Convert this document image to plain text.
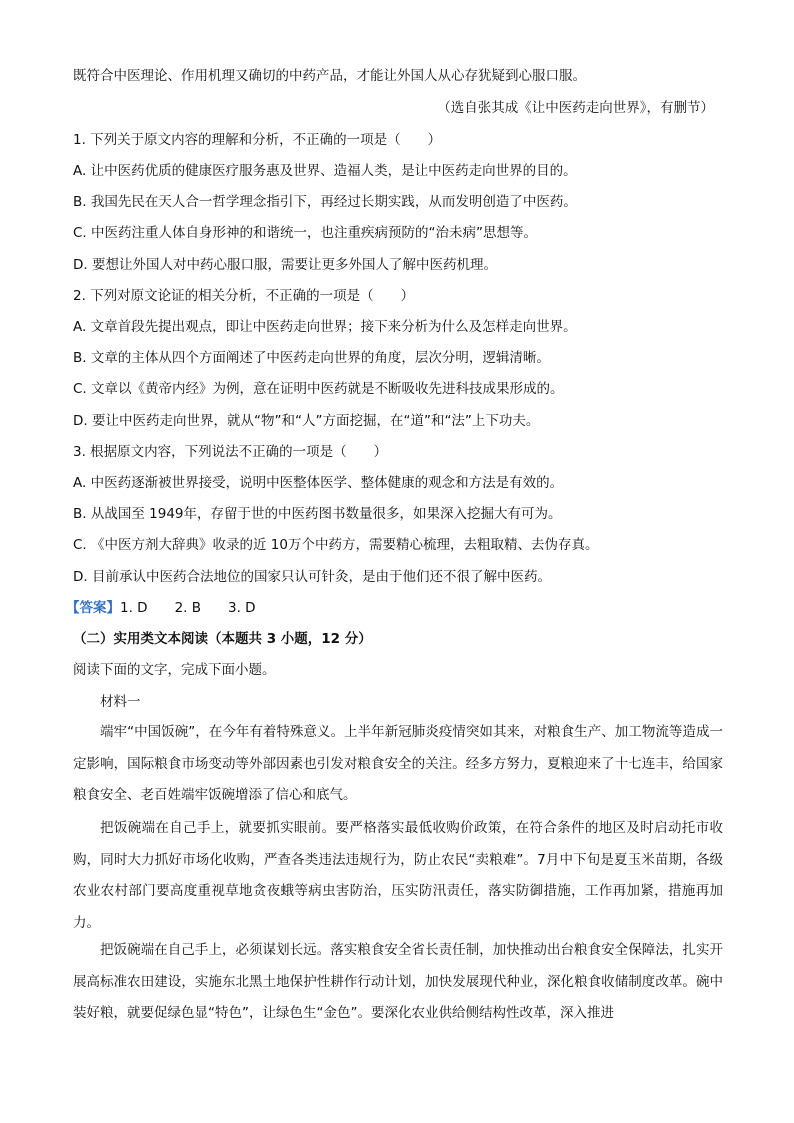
既符合中医理论、作用机理又确切的中药产品，才能让外国人从心存犹疑到心服口服。
（选自张其成《让中医药走向世界》，有删节）
1. 下列关于原文内容的理解和分析，不正确的一项是（　　）
A. 让中医药优质的健康医疗服务惠及世界、造福人类，是让中医药走向世界的目的。
B. 我国先民在天人合一哲学理念指引下，再经过长期实践，从而发明创造了中医药。
C. 中医药注重人体自身形神的和谐统一，也注重疾病预防的“治未病”思想等。
D. 要想让外国人对中药心服口服，需要让更多外国人了解中医药机理。
2. 下列对原文论证的相关分析，不正确的一项是（　　）
A. 文章首段先提出观点，即让中医药走向世界；接下来分析为什么及怎样走向世界。
B. 文章的主体从四个方面阐述了中医药走向世界的角度，层次分明，逻辑清晰。
C. 文章以《黄帝内经》为例，意在证明中医药就是不断吸收先进科技成果形成的。
D. 要让中医药走向世界，就从“物”和“人”方面挖掘，在“道”和“法”上下功夫。
3. 根据原文内容，下列说法不正确的一项是（　　）
A. 中医药逐渐被世界接受，说明中医整体医学、整体健康的观念和方法是有效的。
B. 从战国至 1949年，存留于世的中医药图书数量很多，如果深入挖掘大有可为。
C. 《中医方剂大辞典》收录的近 10万个中药方，需要精心梳理，去粗取精、去伪存真。
D. 目前承认中医药合法地位的国家只认可针灸，是由于他们还不很了解中医药。
【答案】1. D　　2. B　　3. D
（二）实用类文本阅读（本题共 3 小题，12 分）
阅读下面的文字，完成下面小题。
材料一
端牢“中国饭碗”，在今年有着特殊意义。上半年新冠肺炎疫情突如其来，对粮食生产、加工物流等造成一定影响，国际粮食市场变动等外部因素也引发对粮食安全的关注。经多方努力，夏粮迎来了十七连丰，给国家粮食安全、老百姓端牢饭碗增添了信心和底气。
把饭碗端在自己手上，就要抓实眼前。要严格落实最低收购价政策，在符合条件的地区及时启动托市收购，同时大力抓好市场化收购，严查各类违法违规行为，防止农民“卖粮难”。7月中下旬是夏玉米苗期，各级农业农村部门要高度重视草地贪夜蛾等病虫害防治，压实防汛责任，落实防御措施，工作再加紧，措施再加力。
把饭碗端在自己手上，必须谋划长远。落实粮食安全省长责任制，加快推动出台粮食安全保障法，扎实开展高标准农田建设，实施东北黑土地保护性耕作行动计划，加快发展现代种业，深化粮食收储制度改革。碗中装好粮，就要促绿色显“特色”，让绿色生“金色”。要深化农业供给侧结构性改革，深入推进
